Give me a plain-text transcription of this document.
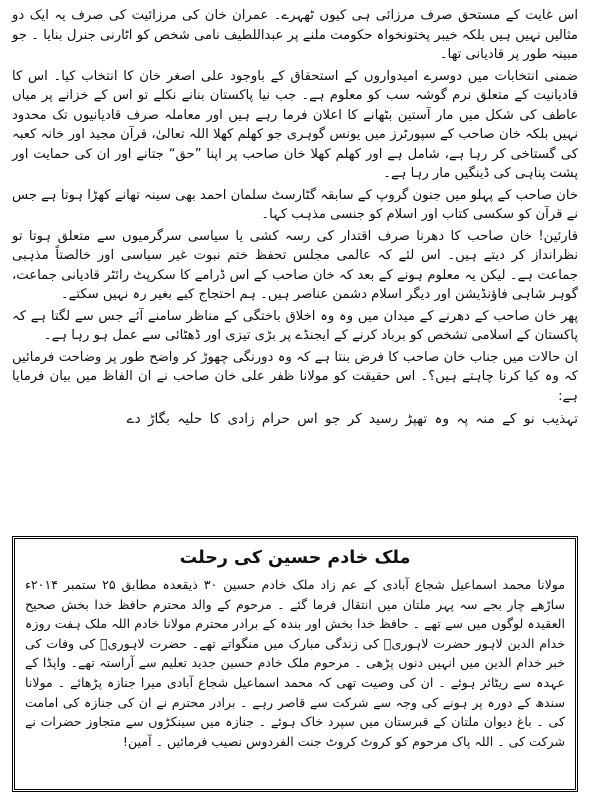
اس غایت کے مستحق صرف مرزائی ہی کیوں ٹھہرے۔ عمران خان کی مرزائیت کی صرف یہ ایک دو مثالیں نہیں ہیں بلکہ خیبر پختونخواہ حکومت ملنے پر عبداللطیف نامی شخص کو اٹارنی جنرل بنایا ۔ جو مبینہ طور پر قادیانی تھا۔

ضمنی انتخابات میں دوسرے امیدواروں کے استحقاق کے باوجود علی اصغر خان کا انتخاب کیا۔ اس کا قادیانیت کے متعلق نرم گوشہ سب کو معلوم ہے۔ جب نیا پاکستان بنانے نکلے تو اس کے خزانے پر میاں عاطف کی شکل میں مار آستین بٹھانے کا اعلان فرما رہے ہیں اور معاملہ صرف قادیانیوں تک محدود نہیں بلکہ خان صاحب کے سپورٹرز میں یونس گوہری جو کھلم کھلا اللہ تعالیٰ، قرآن مجید اور خانہ کعبہ کی گستاخی کر رہا ہے، شامل ہے اور کھلم کھلا خان صاحب پر اپنا ”حق“ جتانے اور ان کی حمایت اور پشت پناہی کی ڈینگیں مار رہا ہے۔

خان صاحب کے پہلو میں جنون گروپ کے سابقہ گٹارسٹ سلمان احمد بھی سینہ تھانے کھڑا ہوتا ہے جس نے قرآن کو سکسی کتاب اور اسلام کو جنسی مذہب کہا۔

قارئین! خان صاحب کا دھرنا صرف اقتدار کی رسہ کشی یا سیاسی سرگرمیوں سے متعلق ہوتا تو نظرانداز کر دیتے ہیں۔ اس لئے کہ عالمی مجلس تحفظ ختم نبوت غیر سیاسی اور خالصتاً مذہبی جماعت ہے۔ لیکن یہ معلوم ہونے کے بعد کہ خان صاحب کے اس ڈرامے کا سکرپٹ رائٹر قادیانی جماعت، گوہر شاہی فاؤنڈیشن اور دیگر اسلام دشمن عناصر ہیں۔ ہم احتجاج کیے بغیر رہ نہیں سکتے۔

پھر خان صاحب کے دھرنے کے میدان میں وہ وہ اخلاق باختگی کے مناظر سامنے آئے جس سے لگتا ہے کہ پاکستان کے اسلامی تشخص کو برباد کرنے کے ایجنڈے پر بڑی تیزی اور ڈھٹائی سے عمل ہو رہا ہے۔

ان حالات میں جناب خان صاحب کا فرض بنتا ہے کہ وہ دورنگی چھوڑ کر واضح طور پر وضاحت فرمائیں کہ وہ کیا کرنا چاہتے ہیں؟۔ اس حقیقت کو مولانا ظفر علی خان صاحب نے ان الفاظ میں بیان فرمایا ہے:

تہذیب نو کے منہ پہ وہ تھپڑ رسید کر جو اس حرام زادی کا حلیہ بگاڑ دے

ملک خادم حسین کی رحلت

مولانا محمد اسماعیل شجاع آبادی کے عم زاد ملک خادم حسین ۳۰ ذیقعدہ مطابق ۲۵ ستمبر ۲۰۱۴ء ساڑھے چار بجے سہ پہر ملتان میں انتقال فرما گئے ۔ مرحوم کے والد محترم حافظ خدا بخش صحیح العقیدہ لوگوں میں سے تھے ۔ حافظ خدا بخش اور بندہ کے برادر محترم مولانا خادم اللہ ملک ہفت روزہ خدام الدین لاہور حضرت لاہوریؒ کی زندگی مبارک میں منگواتے تھے۔ حضرت لاہوریؒ کی وفات کی خبر خدام الدین میں انہیں دنوں پڑھی ۔ مرحوم ملک خادم حسین جدید تعلیم سے آراستہ تھے۔ واپڈا کے عہدہ سے ریٹائر ہوئے ۔ ان کی وصیت تھی کہ محمد اسماعیل شجاع آبادی میرا جنازہ پڑھائے ۔ مولانا سندھ کے دورہ پر ہونے کی وجہ سے شرکت سے قاصر رہے ۔ برادر محترم نے ان کی جنازہ کی امامت کی ۔ باغ دیوان ملتان کے قبرستان میں سپرد خاک ہوئے ۔ جنازہ میں سینکڑوں سے متجاوز حضرات نے شرکت کی ۔ اللہ پاک مرحوم کو کروٹ کروٹ جنت الفردوس نصیب فرمائیں ۔ آمین!
